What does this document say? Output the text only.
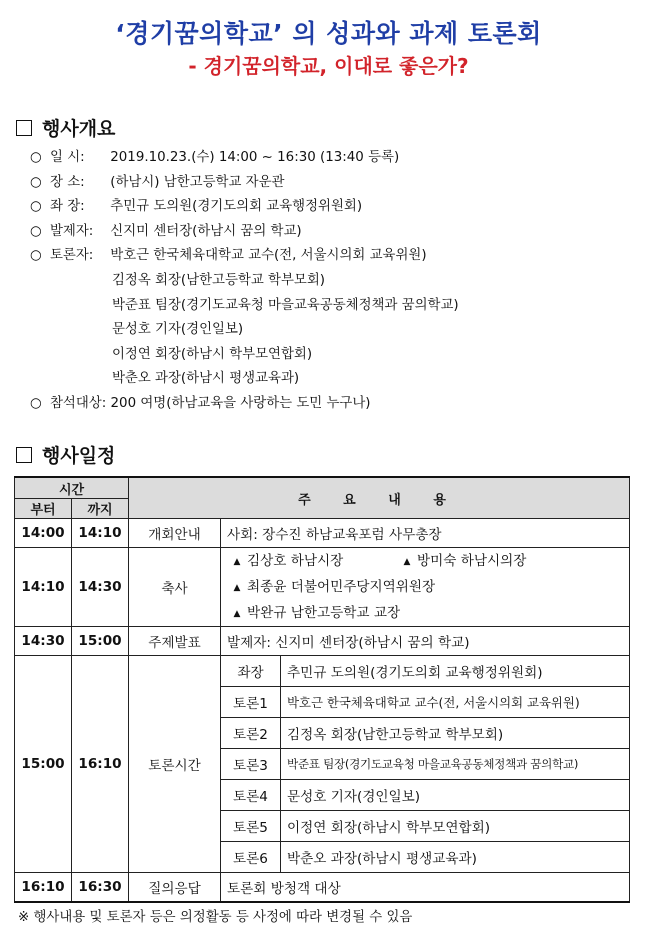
‘경기꿈의학교’ 의 성과와 과제 토론회
- 경기꿈의학교, 이대로 좋은가?
행사개요
○ 일 시: 2019.10.23.(수) 14:00 ~ 16:30 (13:40 등록)
○ 장 소: (하남시) 남한고등학교 자운관
○ 좌 장: 추민규 도의원(경기도의회 교육행정위원회)
○ 발제자: 신지미 센터장(하남시 꿈의 학교)
○ 토론자: 박호근 한국체육대학교 교수(전, 서울시의회 교육위원)
김정옥 회장(남한고등학교 학부모회)
박준표 팀장(경기도교육청 마을교육공동체정책과 꿈의학교)
문성호 기자(경인일보)
이정연 회장(하남시 학부모연합회)
박춘오 과장(하남시 평생교육과)
○ 참석대상: 200 여명(하남교육을 사랑하는 도민 누구나)
행사일정
시간		주 요 내 용		
부터	까지			
14:00	14:10	개회안내	사회: 장수진 하남교육포럼 사무총장	
14:10	14:30	축사	▲ 김상호 하남시장 ▲ 방미숙 하남시의장
▲ 최종윤 더불어민주당지역위원장
▲ 박완규 남한고등학교 교장	

14:30	15:00	주제발표	발제자: 신지미 센터장(하남시 꿈의 학교)	
15:00	16:10	토론시간	좌장	추민규 도의원(경기도의회 교육행정위원회)
			토론1	박호근 한국체육대학교 교수(전, 서울시의회 교육위원)
			토론2	김정옥 회장(남한고등학교 학부모회)
			토론3	박준표 팀장(경기도교육청 마을교육공동체정책과 꿈의학교)
			토론4	문성호 기자(경인일보)
			토론5	이정연 회장(하남시 학부모연합회)
			토론6	박춘오 과장(하남시 평생교육과)
16:10	16:30	질의응답	토론회 방청객 대상	
※ 행사내용 및 토론자 등은 의정활동 등 사정에 따라 변경될 수 있음
